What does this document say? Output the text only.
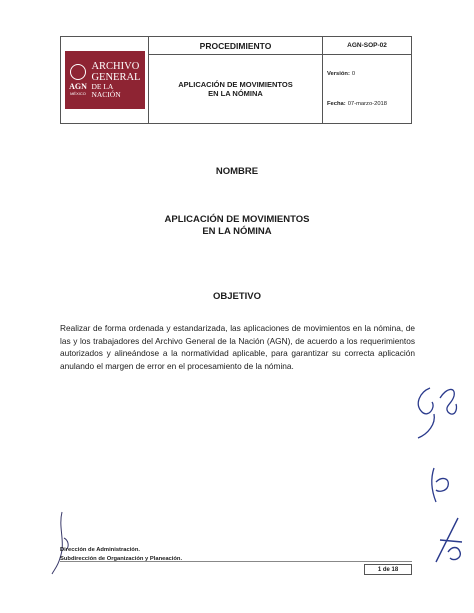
AGN
MÉXICO
ARCHIVO
GENERAL
DE LA NACIÓN
PROCEDIMIENTO	AGN-SOP-02
APLICACIÓN DE MOVIMIENTOS
EN LA NÓMINA
Versión: 0
Fecha: 07-marzo-2018
NOMBRE
APLICACIÓN DE MOVIMIENTOS
EN LA NÓMINA
OBJETIVO
Realizar de forma ordenada y estandarizada, las aplicaciones de movimientos en la nómina, de las y los trabajadores del Archivo General de la Nación (AGN), de acuerdo a los requerimientos autorizados y alineándose a la normatividad aplicable, para garantizar su correcta aplicación anulando el margen de error en el procesamiento de la nómina.
Dirección de Administración.
Subdirección de Organización y Planeación.
1 de 18
